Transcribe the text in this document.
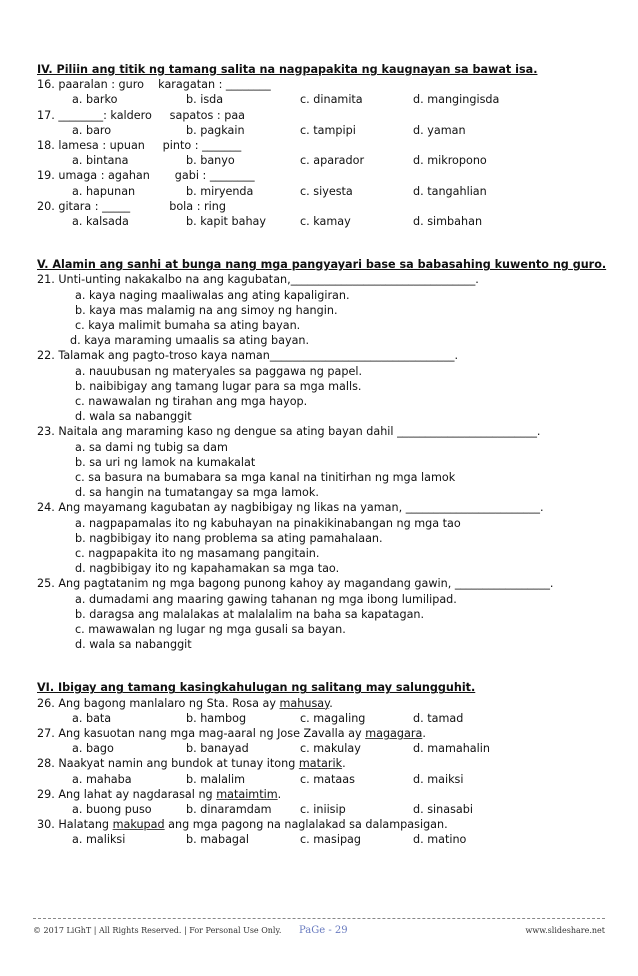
IV. Piliin ang titik ng tamang salita na nagpapakita ng kaugnayan sa bawat isa.

16. paaralan : guro    karagatan : ________

a. barko	b. isda	c. dinamita	d. mangingisda

17. ________: kaldero     sapatos : paa

a. baro	b. pagkain	c. tampipi	d. yaman

18. lamesa : upuan     pinto : _______

a. bintana	b. banyo	c. aparador	d. mikropono

19. umaga : agahan       gabi : ________

a. hapunan	b. miryenda	c. siyesta	d. tangahlian

20. gitara : _____           bola : ring

a. kalsada	b. kapit bahay	c. kamay	d. simbahan

V. Alamin ang sanhi at bunga nang mga pangyayari base sa babasahing kuwento ng guro.

21. Unti-unting nakakalbo na ang kagubatan,_________________________________.

a. kaya naging maaliwalas ang ating kapaligiran.

b. kaya mas malamig na ang simoy ng hangin.

c. kaya malimit bumaha sa ating bayan.

d. kaya maraming umaalis sa ating bayan.

22. Talamak ang pagto-troso kaya naman_________________________________.

a. nauubusan ng materyales sa paggawa ng papel.

b. naibibigay ang tamang lugar para sa mga malls.

c. nawawalan ng tirahan ang mga hayop.

d. wala sa nabanggit

23. Naitala ang maraming kaso ng dengue sa ating bayan dahil _________________________.

a. sa dami ng tubig sa dam

b. sa uri ng lamok na kumakalat

c. sa basura na bumabara sa mga kanal na tinitirhan ng mga lamok

d. sa hangin na tumatangay sa mga lamok.

24. Ang mayamang kagubatan ay nagbibigay ng likas na yaman, ________________________.

a. nagpapamalas ito ng kabuhayan na pinakikinabangan ng mga tao

b. nagbibigay ito nang problema sa ating pamahalaan.

c. nagpapakita ito ng masamang pangitain.

d. nagbibigay ito ng kapahamakan sa mga tao.

25. Ang pagtatanim ng mga bagong punong kahoy ay magandang gawin, _________________.

a. dumadami ang maaring gawing tahanan ng mga ibong lumilipad.

b. daragsa ang malalakas at malalalim na baha sa kapatagan.

c. mawawalan ng lugar ng mga gusali sa bayan.

d. wala sa nabanggit

VI. Ibigay ang tamang kasingkahulugan ng salitang may salungguhit.

26. Ang bagong manlalaro ng Sta. Rosa ay mahusay.

a. bata	b. hambog	c. magaling	d. tamad

27. Ang kasuotan nang mga mag-aaral ng Jose Zavalla ay magagara.

a. bago	b. banayad	c. makulay	d. mamahalin

28. Naakyat namin ang bundok at tunay itong matarik.

a. mahaba	b. malalim	c. mataas	d. maiksi

29. Ang lahat ay nagdarasal ng mataimtim.

a. buong puso	b. dinaramdam	c. iniisip	d. sinasabi

30. Halatang makupad ang mga pagong na naglalakad sa dalampasigan.

a. maliksi	b. mabagal	c. masipag	d. matino
© 2017 LiGhT | All Rights Reserved. | For Personal Use Only. PaGe - 29	www.slideshare.net
